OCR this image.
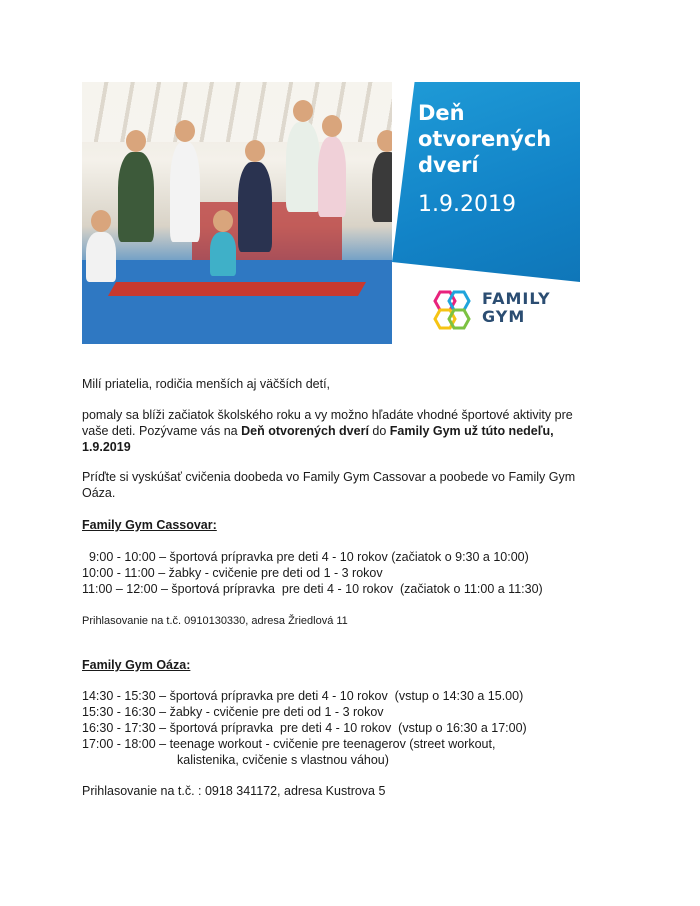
Deň
otvorených
dverí
1.9.2019
FAMILY
GYM

Milí priatelia, rodičia menších aj väčších detí,

pomaly sa blíži začiatok školského roku a vy možno hľadáte vhodné športové aktivity pre vaše deti. Pozývame vás na Deň otvorených dverí do Family Gym už túto nedeľu, 1.9.2019

Príďte si vyskúšať cvičenia doobeda vo Family Gym Cassovar a poobede vo Family Gym Oáza.

Family Gym Cassovar:

9:00 - 10:00 – športová prípravka pre deti 4 - 10 rokov (začiatok o 9:30 a 10:00)
10:00 - 11:00 – žabky - cvičenie pre deti od 1 - 3 rokov
11:00 – 12:00 – športová prípravka  pre deti 4 - 10 rokov  (začiatok o 11:00 a 11:30)

Prihlasovanie na t.č. 0910130330, adresa Žriedlová 11

Family Gym Oáza:

14:30 - 15:30 – športová prípravka pre deti 4 - 10 rokov  (vstup o 14:30 a 15.00)
15:30 - 16:30 – žabky - cvičenie pre deti od 1 - 3 rokov
16:30 - 17:30 – športová prípravka  pre deti 4 - 10 rokov  (vstup o 16:30 a 17:00)
17:00 - 18:00 – teenage workout - cvičenie pre teenagerov (street workout,
kalistenika, cvičenie s vlastnou váhou)

Prihlasovanie na t.č. : 0918 341172, adresa Kustrova 5
